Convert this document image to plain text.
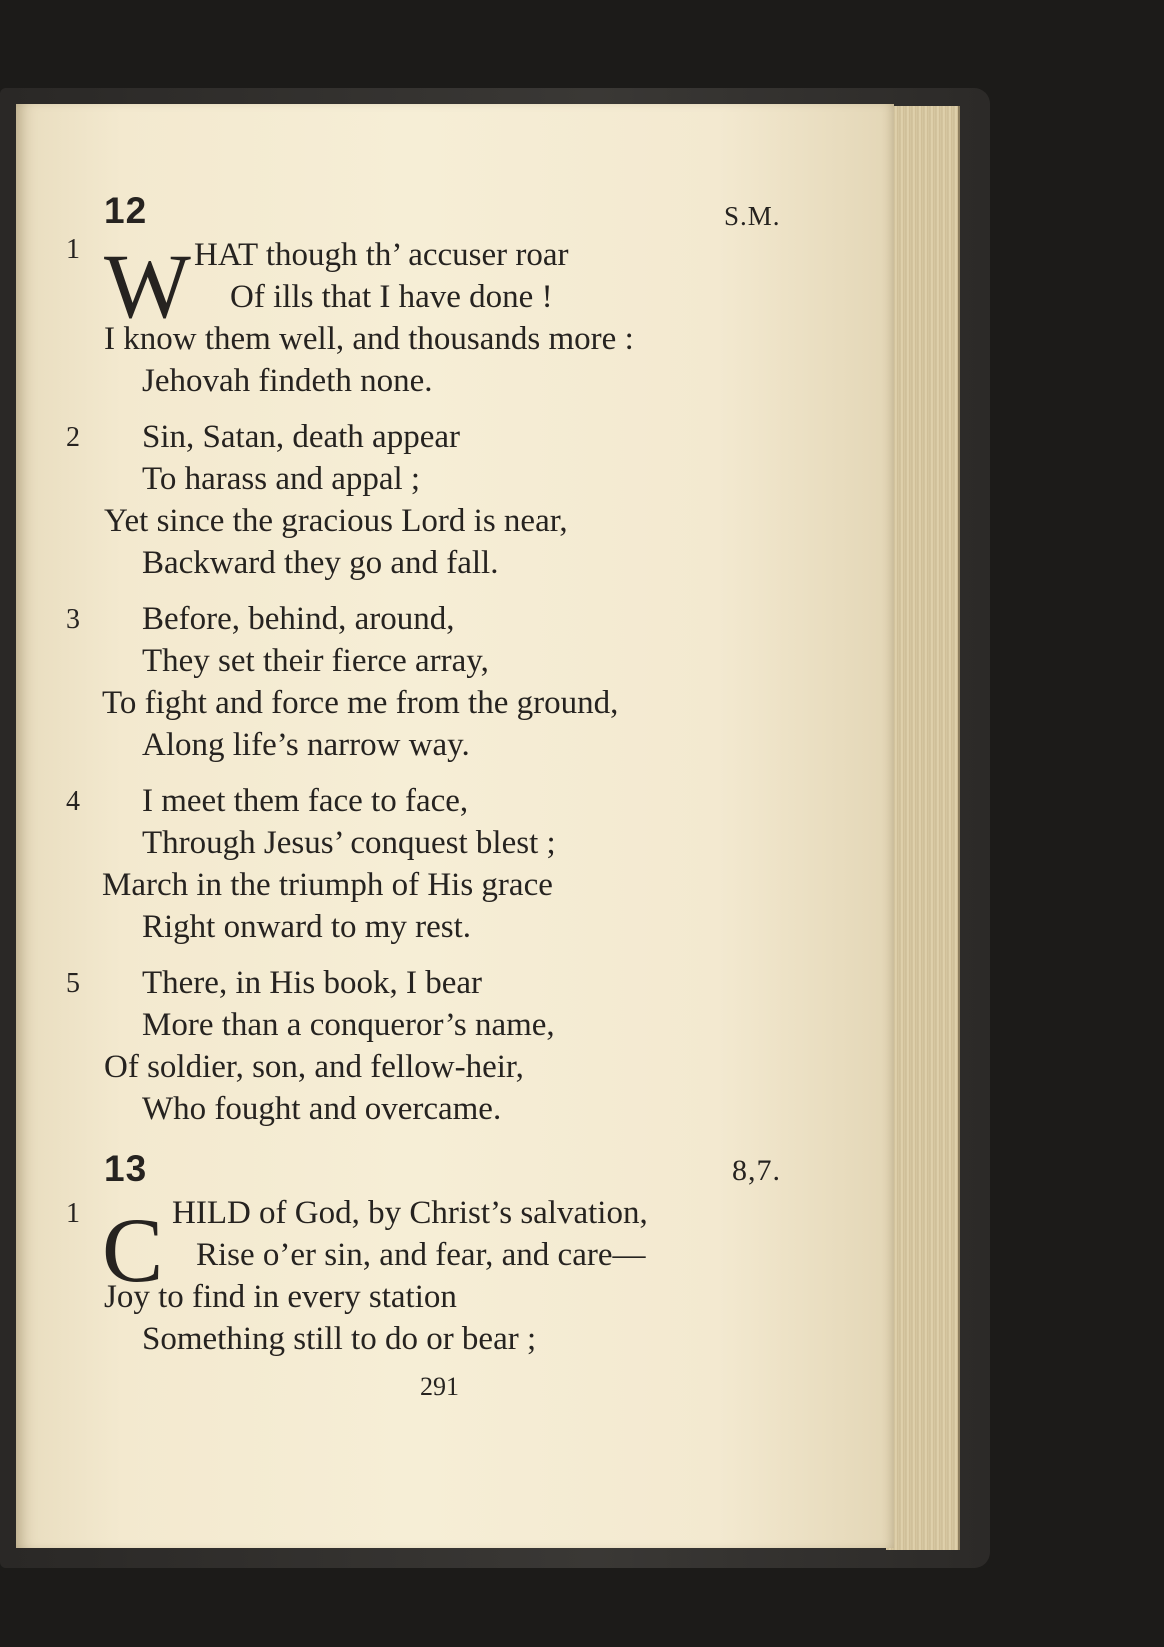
12	S.M.
1 W HAT though th’ accuser roar
Of ills that I have done !
I know them well, and thousands more :
Jehovah findeth none.
2 Sin, Satan, death appear
To harass and appal ;
Yet since the gracious Lord is near,
Backward they go and fall.
3 Before, behind, around,
They set their fierce array,
To fight and force me from the ground,
Along life’s narrow way.
4 I meet them face to face,
Through Jesus’ conquest blest ;
March in the triumph of His grace
Right onward to my rest.
5 There, in His book, I bear
More than a conqueror’s name,
Of soldier, son, and fellow-heir,
Who fought and overcame.
13	8,7.
1 C HILD of God, by Christ’s salvation,
Rise o’er sin, and fear, and care—
Joy to find in every station
Something still to do or bear ;
291
